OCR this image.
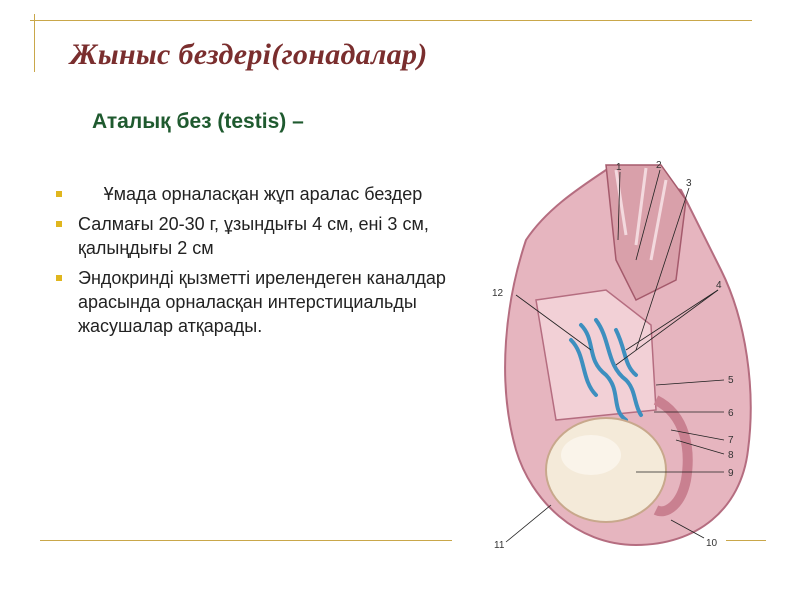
Жыныс бездері(гонадалар)
Аталық без (testis) –
Ұмада орналасқан жұп аралас бездер
Салмағы 20-30 г, ұзындығы 4 см, ені 3 см, қалыңдығы 2 см
Эндокринді қызметті ирелендеген каналдар арасында орналасқан интерстициальды жасушалар атқарады.
1	2
3
4
5
6
7
8
9
10
11
12
